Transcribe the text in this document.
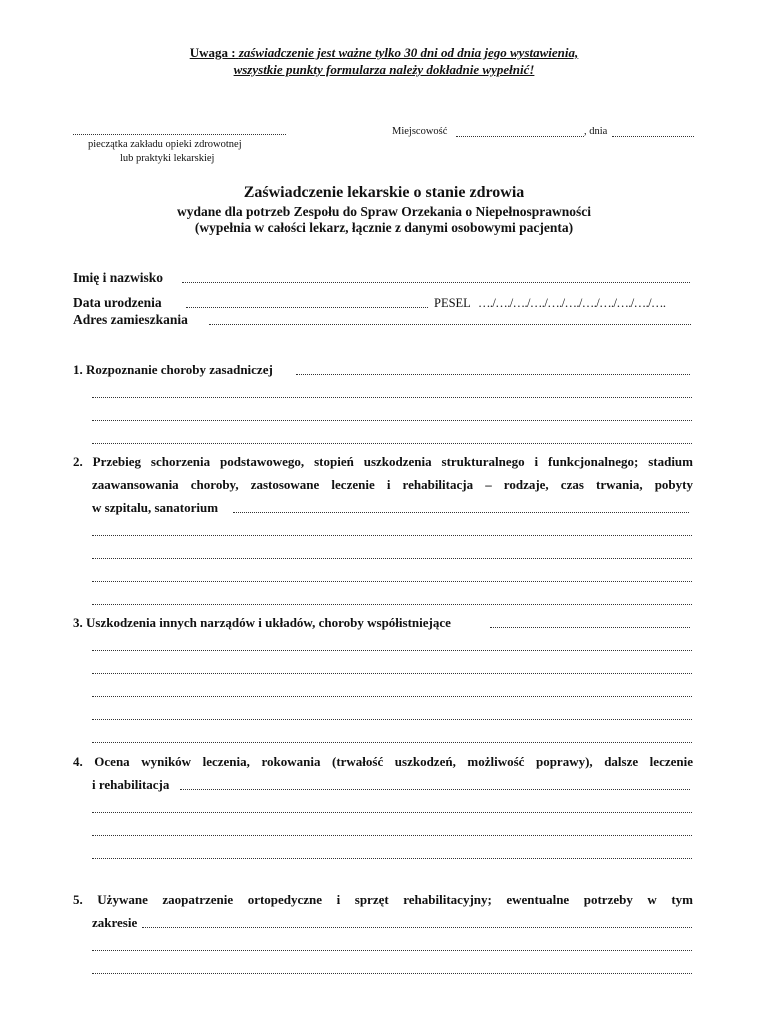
Uwaga : zaświadczenie jest ważne tylko 30 dni od dnia jego wystawienia,
wszystkie punkty formularza należy dokładnie wypełnić!
pieczątka zakładu opieki zdrowotnej
lub praktyki lekarskiej
Miejscowość	, dnia
Zaświadczenie lekarskie o stanie zdrowia
wydane dla potrzeb Zespołu do Spraw Orzekania o Niepełnosprawności
(wypełnia w całości lekarz, łącznie z danymi osobowymi pacjenta)
Imię i nazwisko
Data urodzenia	PESEL …./…./…./…./…./…./…./…./…./…./….
Adres zamieszkania
1. Rozpoznanie choroby zasadniczej
2. Przebieg schorzenia podstawowego, stopień uszkodzenia strukturalnego i funkcjonalnego; stadium
zaawansowania choroby, zastosowane leczenie i rehabilitacja – rodzaje, czas trwania, pobyty
w szpitalu, sanatorium
3. Uszkodzenia innych narządów i układów, choroby współistniejące
4. Ocena wyników leczenia, rokowania (trwałość uszkodzeń, możliwość poprawy), dalsze leczenie
i rehabilitacja
5. Używane zaopatrzenie ortopedyczne i sprzęt rehabilitacyjny; ewentualne potrzeby w tym
zakresie
